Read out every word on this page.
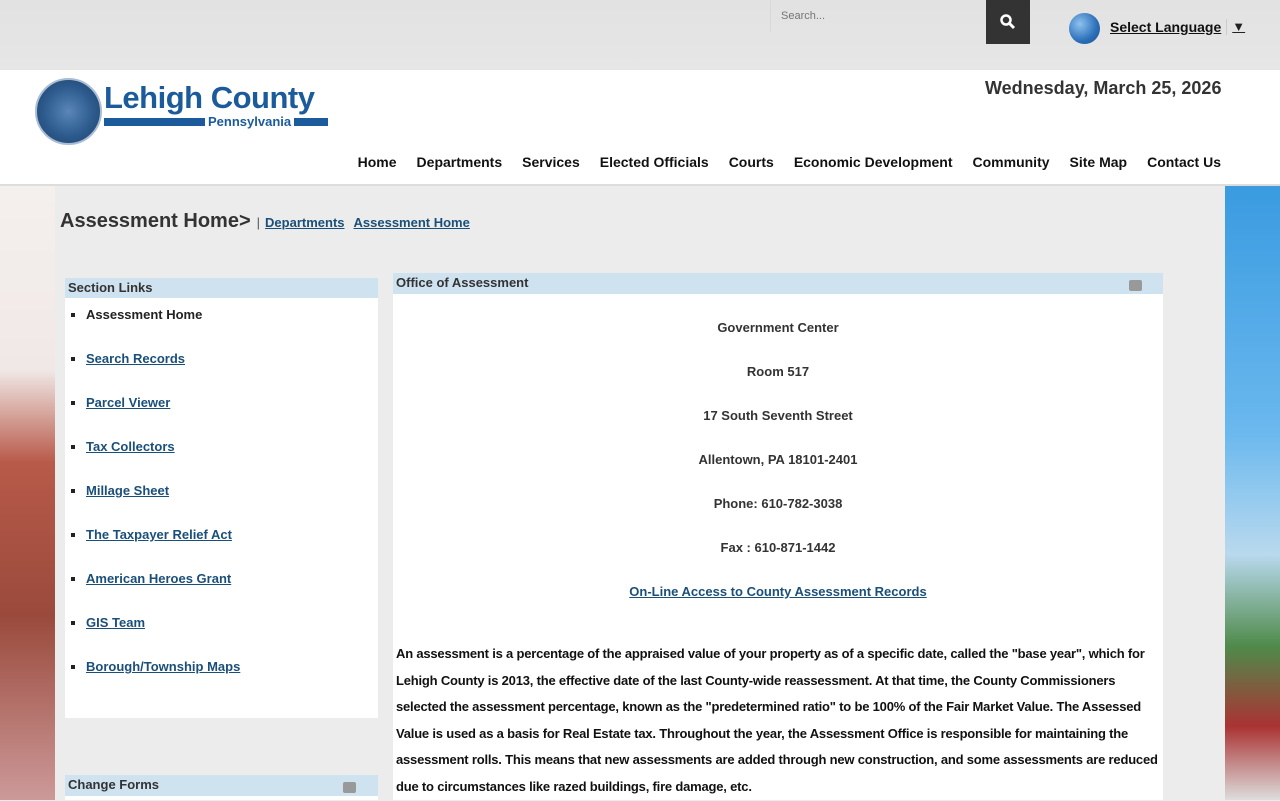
Search...
Select Language ▼
Lehigh County
Pennsylvania
Wednesday, March 25, 2026
Home Departments Services Elected Officials Courts Economic Development Community Site Map Contact Us
Assessment Home> | Departments Assessment Home
Section Links
▪ Assessment Home
▪ Search Records
▪ Parcel Viewer
▪ Tax Collectors
▪ Millage Sheet
▪ The Taxpayer Relief Act
▪ American Heroes Grant
▪ GIS Team
▪ Borough/Township Maps
Change Forms
Office of Assessment
Government Center
Room 517
17 South Seventh Street
Allentown, PA 18101-2401
Phone: 610-782-3038
Fax : 610-871-1442
On-Line Access to County Assessment Records

An assessment is a percentage of the appraised value of your property as of a specific date, called the "base year", which for Lehigh County is 2013, the effective date of the last County-wide reassessment. At that time, the County Commissioners selected the assessment percentage, known as the "predetermined ratio" to be 100% of the Fair Market Value. The Assessed Value is used as a basis for Real Estate tax. Throughout the year, the Assessment Office is responsible for maintaining the assessment rolls. This means that new assessments are added through new construction, and some assessments are reduced due to circumstances like razed buildings, fire damage, etc.
